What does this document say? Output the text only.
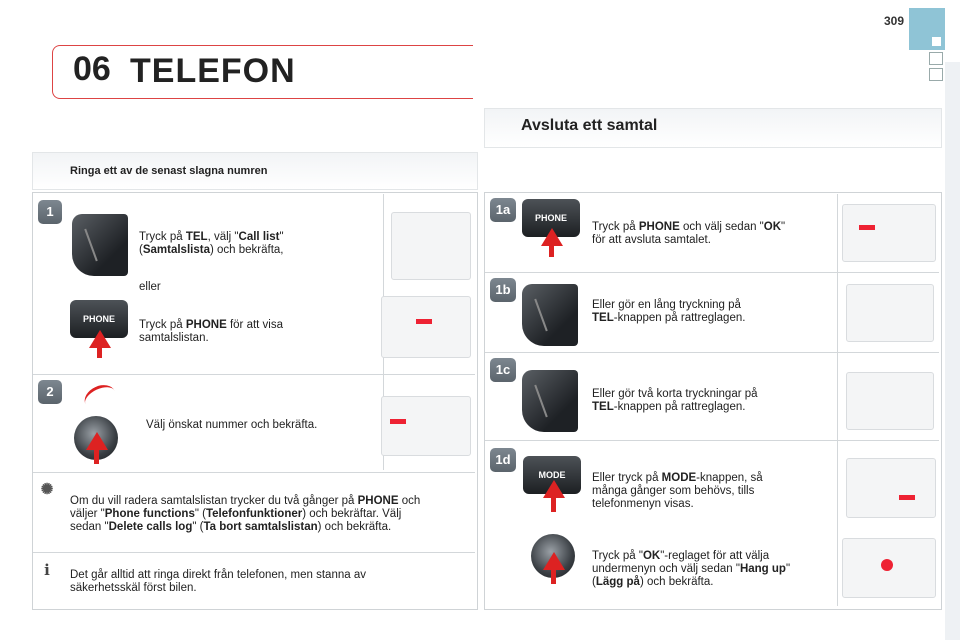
309
06 TELEFON
Avsluta ett samtal
Ringa ett av de senast slagna numren
1
Tryck på TEL, välj "Call list"
(Samtalslista) och bekräfta,
eller
PHONE	Tryck på PHONE för att visa
samtalslistan.
2
Välj önskat nummer och bekräfta.
✺
Om du vill radera samtalslistan trycker du två gånger på PHONE och
väljer "Phone functions" (Telefonfunktioner) och bekräftar. Välj
sedan "Delete calls log" (Ta bort samtalslistan) och bekräfta.
i	Det går alltid att ringa direkt från telefonen, men stanna av
säkerhetsskäl först bilen.
1a
PHONE
Tryck på PHONE och välj sedan "OK"
för att avsluta samtalet.
1b
Eller gör en lång tryckning på
TEL-knappen på rattreglagen.
1c
Eller gör två korta tryckningar på
TEL-knappen på rattreglagen.
1d
MODE	Eller tryck på MODE-knappen, så
många gånger som behövs, tills
telefonmenyn visas.
Tryck på "OK"-reglaget för att välja
undermenyn och välj sedan "Hang up"
(Lägg på) och bekräfta.
